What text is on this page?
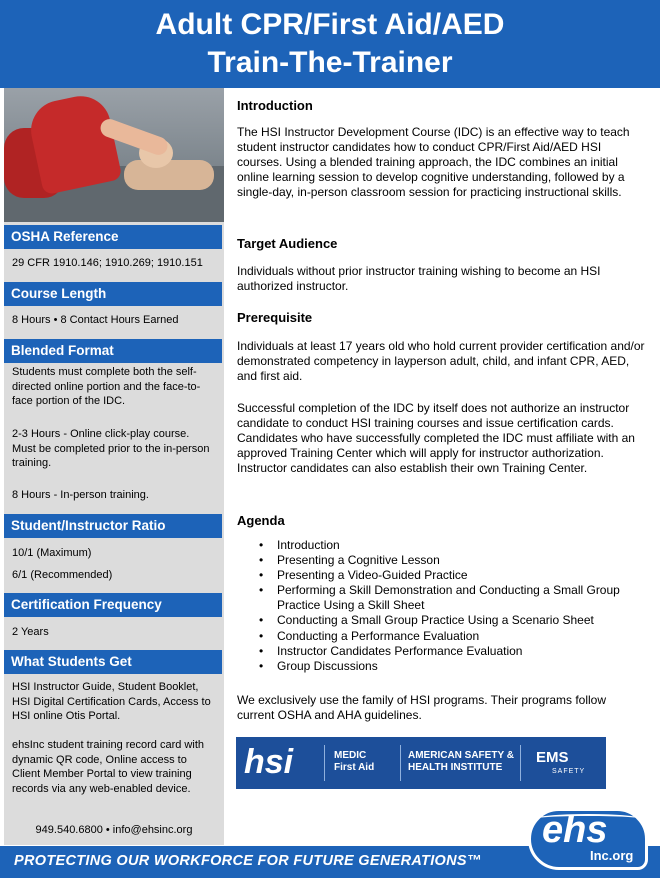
Adult CPR/First Aid/AED
Train-The-Trainer
OSHA Reference
29 CFR 1910.146; 1910.269; 1910.151
Course Length
8 Hours • 8 Contact Hours Earned
Blended Format
Students must complete both the self-directed online portion and the face-to-face portion of the IDC.
2-3 Hours - Online click-play course. Must be completed prior to the in-person training.
8 Hours - In-person training.
Student/Instructor Ratio
10/1 (Maximum)
6/1 (Recommended)
Certification Frequency
2 Years
What Students Get
HSI Instructor Guide, Student Booklet, HSI Digital Certification Cards, Access to HSI online Otis Portal.
ehsInc student training record card with dynamic QR code, Online access to Client Member Portal to view training records via any web-enabled device.
949.540.6800 • info@ehsinc.org
Introduction
The HSI Instructor Development Course (IDC) is an effective way to teach student instructor candidates how to conduct CPR/First Aid/AED HSI courses. Using a blended training approach, the IDC combines an initial online learning session to develop cognitive understanding, followed by a single-day, in-person classroom session for practicing instructional skills.
Target Audience
Individuals without prior instructor training wishing to become an HSI authorized instructor.
Prerequisite
Individuals at least 17 years old who hold current provider certification and/or demonstrated competency in layperson adult, child, and infant CPR, AED, and first aid.
Successful completion of the IDC by itself does not authorize an instructor candidate to conduct HSI training courses and issue certification cards. Candidates who have successfully completed the IDC must affiliate with an approved Training Center which will apply for instructor authorization. Instructor candidates can also establish their own Training Center.
Agenda
• Introduction
• Presenting a Cognitive Lesson
• Presenting a Video-Guided Practice
• Performing a Skill Demonstration and Conducting a Small Group Practice Using a Skill Sheet
• Conducting a Small Group Practice Using a Scenario Sheet
• Conducting a Performance Evaluation
• Instructor Candidates Performance Evaluation
• Group Discussions
We exclusively use the family of HSI programs. Their programs follow current OSHA and AHA guidelines.
hsi	MEDIC
First Aid
AMERICAN SAFETY &
HEALTH INSTITUTE
EMS
SAFETY
PROTECTING OUR WORKFORCE FOR FUTURE GENERATIONS™
ehs
Inc.org
